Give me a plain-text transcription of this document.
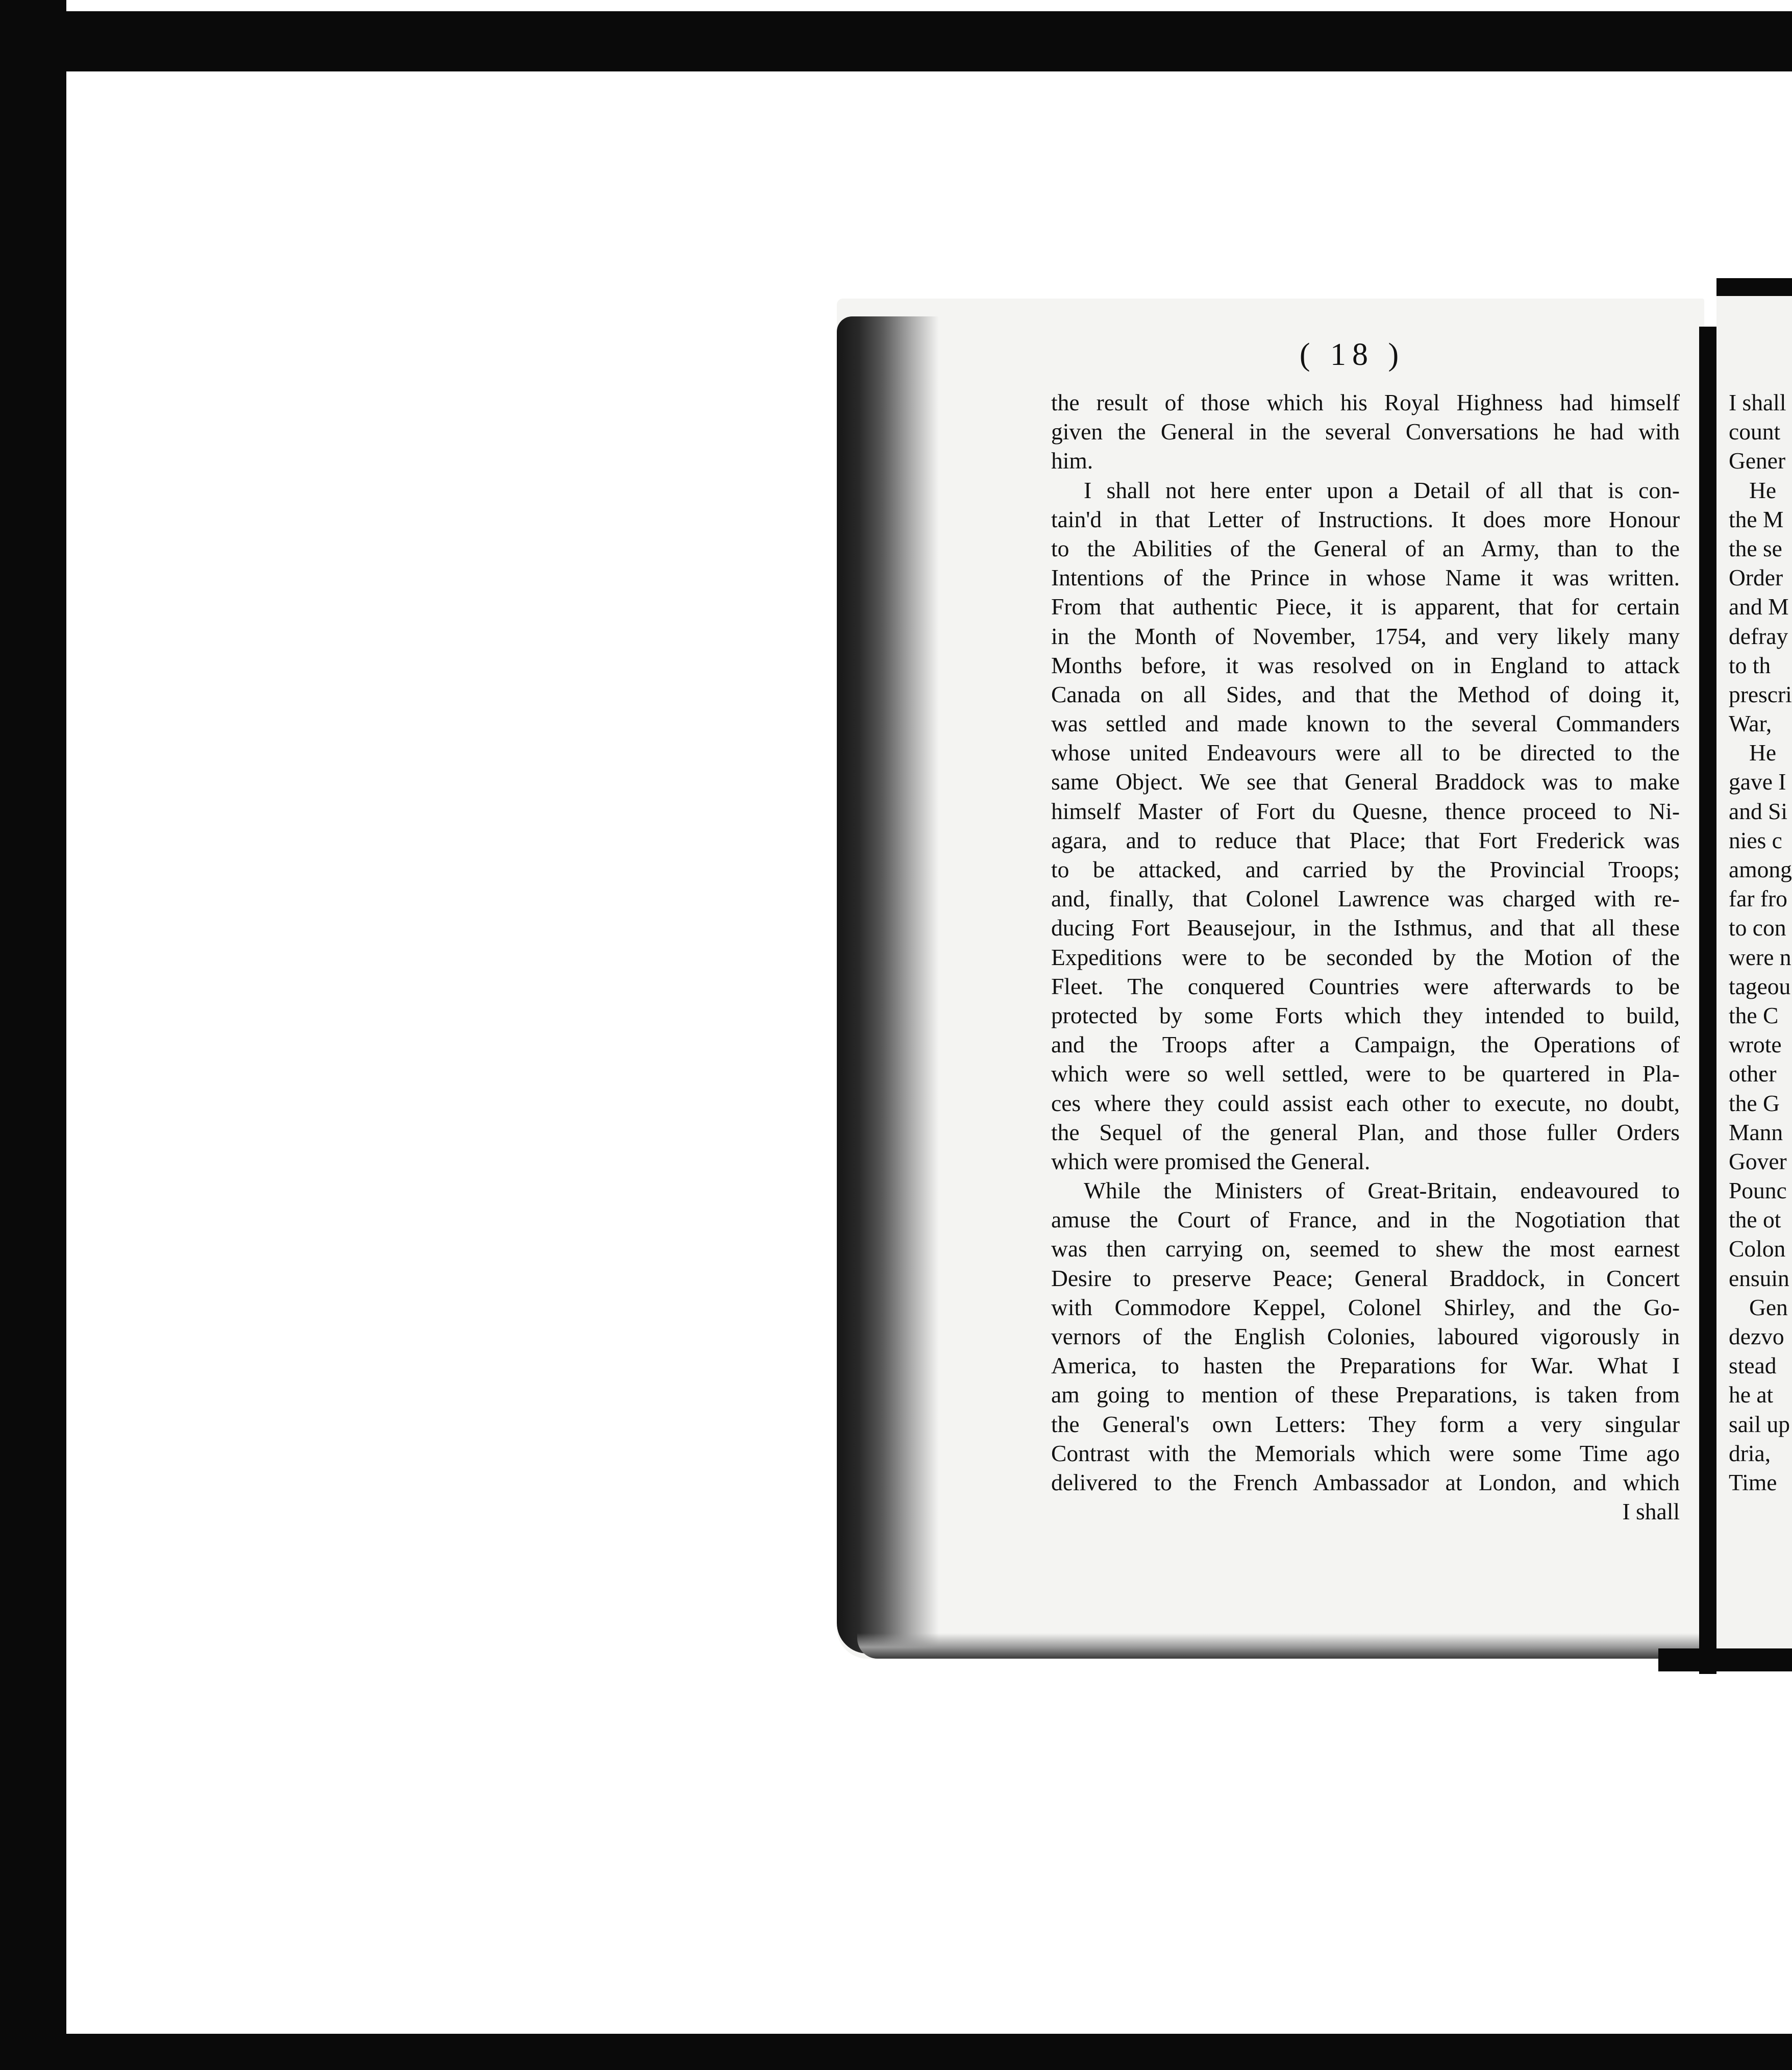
( 18 )
the result of those which his Royal Highness had himself
given the General in the several Conversations he had with
him.
I shall not here enter upon a Detail of all that is con-
tain'd in that Letter of Instructions. It does more Honour
to the Abilities of the General of an Army, than to the
Intentions of the Prince in whose Name it was written.
From that authentic Piece, it is apparent, that for certain
in the Month of November, 1754, and very likely many
Months before, it was resolved on in England to attack
Canada on all Sides, and that the Method of doing it,
was settled and made known to the several Commanders
whose united Endeavours were all to be directed to the
same Object. We see that General Braddock was to make
himself Master of Fort du Quesne, thence proceed to Ni-
agara, and to reduce that Place; that Fort Frederick was
to be attacked, and carried by the Provincial Troops;
and, finally, that Colonel Lawrence was charged with re-
ducing Fort Beausejour, in the Isthmus, and that all these
Expeditions were to be seconded by the Motion of the
Fleet. The conquered Countries were afterwards to be
protected by some Forts which they intended to build,
and the Troops after a Campaign, the Operations of
which were so well settled, were to be quartered in Pla-
ces where they could assist each other to execute, no doubt,
the Sequel of the general Plan, and those fuller Orders
which were promised the General.
While the Ministers of Great-Britain, endeavoured to
amuse the Court of France, and in the Nogotiation that
was then carrying on, seemed to shew the most earnest
Desire to preserve Peace; General Braddock, in Concert
with Commodore Keppel, Colonel Shirley, and the Go-
vernors of the English Colonies, laboured vigorously in
America, to hasten the Preparations for War. What I
am going to mention of these Preparations, is taken from
the General's own Letters: They form a very singular
Contrast with the Memorials which were some Time ago
delivered to the French Ambassador at London, and which
I shall
I shall
count
Gener
He
the M
the se
Order
and M
defray
to th
prescri
War,
He
gave I
and Si
nies c
among
far fro
to con
were n
tageou
the C
wrote
other
the G
Mann
Gover
Pounc
the ot
Colon
ensuin
Gen
dezvo
stead
he at
sail up
dria,
Time
